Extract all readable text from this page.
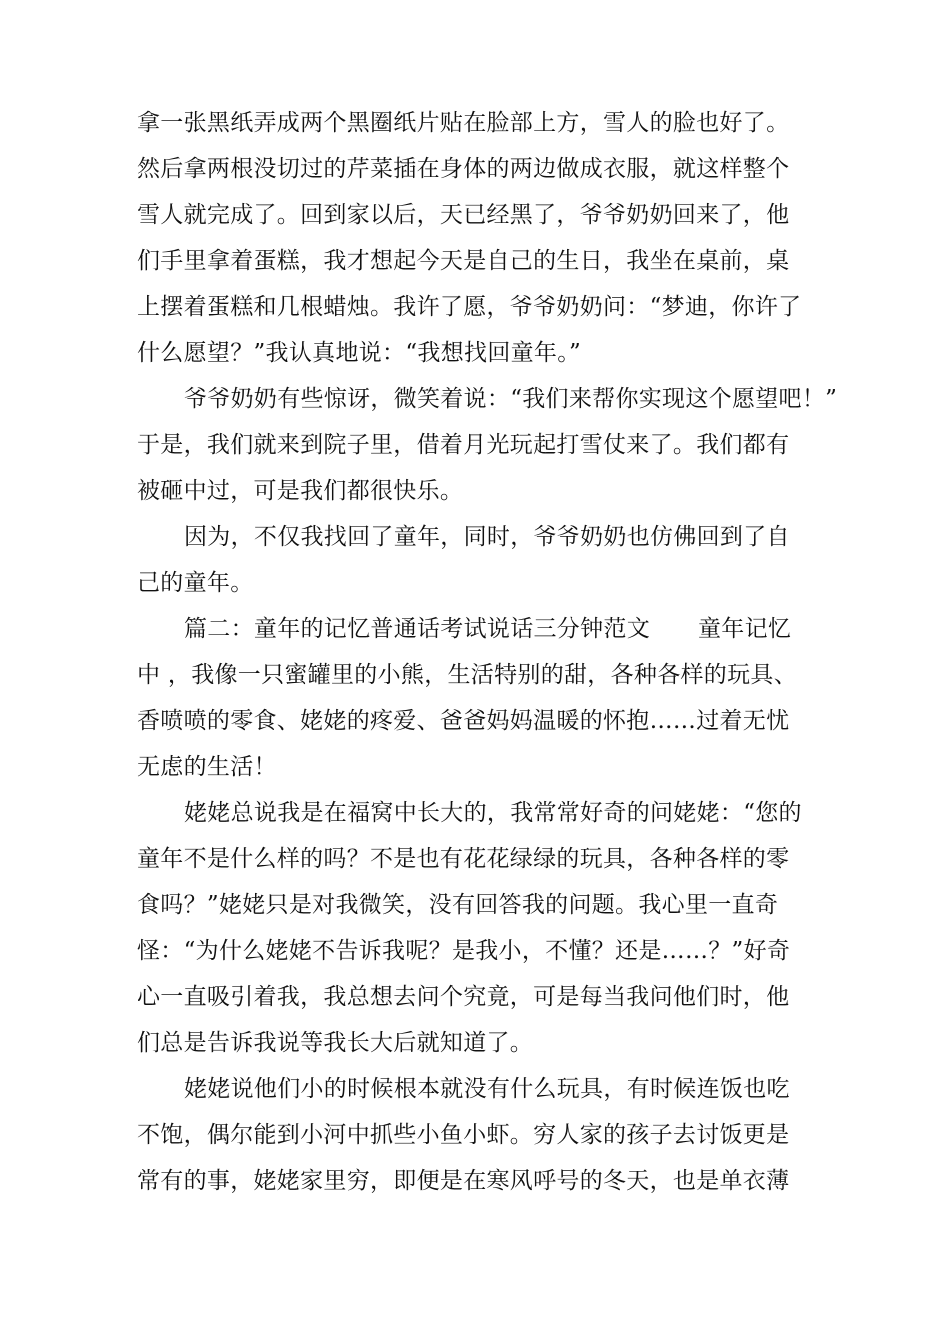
拿一张黑纸弄成两个黑圈纸片贴在脸部上方，雪人的脸也好了。
然后拿两根没切过的芹菜插在身体的两边做成衣服，就这样整个
雪人就完成了。回到家以后，天已经黑了，爷爷奶奶回来了，他
们手里拿着蛋糕，我才想起今天是自己的生日，我坐在桌前，桌
上摆着蛋糕和几根蜡烛。我许了愿，爷爷奶奶问：“梦迪，你许了
什么愿望？”我认真地说：“我想找回童年。”
爷爷奶奶有些惊讶，微笑着说：“我们来帮你实现这个愿望吧！”
于是，我们就来到院子里，借着月光玩起打雪仗来了。我们都有
被砸中过，可是我们都很快乐。
因为，不仅我找回了童年，同时，爷爷奶奶也仿佛回到了自
己的童年。
篇二：童年的记忆普通话考试说话三分钟范文 童年记忆
中 ，我像一只蜜罐里的小熊，生活特别的甜，各种各样的玩具、
香喷喷的零食、姥姥的疼爱、爸爸妈妈温暖的怀抱……过着无忧
无虑的生活！
姥姥总说我是在福窝中长大的，我常常好奇的问姥姥：“您的
童年不是什么样的吗？不是也有花花绿绿的玩具，各种各样的零
食吗？”姥姥只是对我微笑，没有回答我的问题。我心里一直奇
怪：“为什么姥姥不告诉我呢？是我小，不懂？还是……？”好奇
心一直吸引着我，我总想去问个究竟，可是每当我问他们时，他
们总是告诉我说等我长大后就知道了。
姥姥说他们小的时候根本就没有什么玩具，有时候连饭也吃
不饱，偶尔能到小河中抓些小鱼小虾。穷人家的孩子去讨饭更是
常有的事，姥姥家里穷，即便是在寒风呼号的冬天，也是单衣薄
